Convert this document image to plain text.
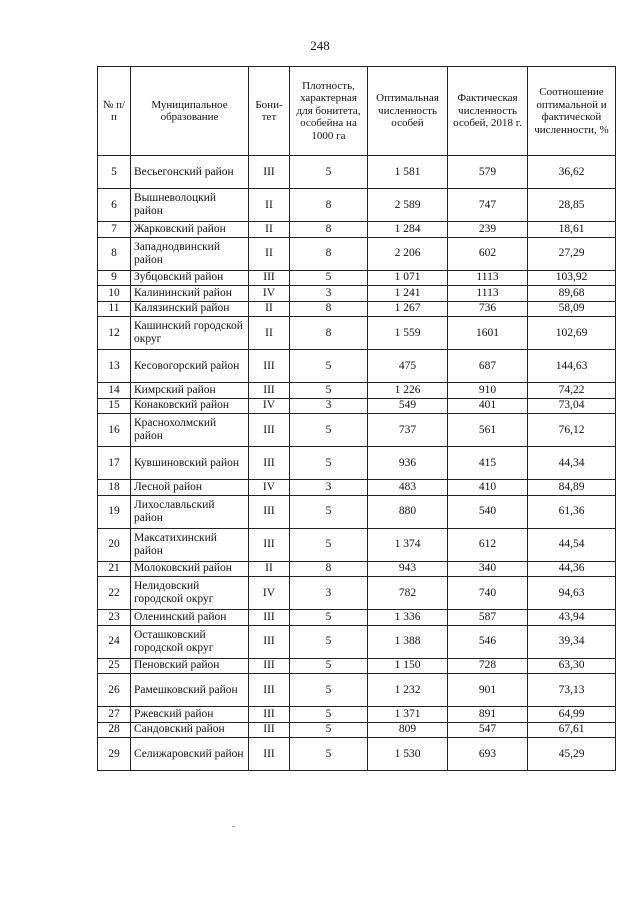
248
№ п/п	Муниципальное образование	Бони-тет	Плотность, характерная для бонитета, особейна на 1000 га	Оптимальная численность особей	Фактическая численность особей, 2018 г.	Соотношение оптимальной и фактической численности, %
5	Весьегонский район	III	5	1 581	579	36,62
6	Вышневолоцкий район	II	8	2 589	747	28,85
7	Жарковский район	II	8	1 284	239	18,61
8	Западнодвинский район	II	8	2 206	602	27,29
9	Зубцовский район	III	5	1 071	1113	103,92
10	Калининский район	IV	3	1 241	1113	89,68
11	Калязинский район	II	8	1 267	736	58,09
12	Кашинский городской округ	II	8	1 559	1601	102,69
13	Кесовогорский район	III	5	475	687	144,63
14	Кимрский район	III	5	1 226	910	74,22
15	Конаковский район	IV	3	549	401	73,04
16	Краснохолмский район	III	5	737	561	76,12
17	Кувшиновский район	III	5	936	415	44,34
18	Лесной район	IV	3	483	410	84,89
19	Лихославльский район	III	5	880	540	61,36
20	Максатихинский район	III	5	1 374	612	44,54
21	Молоковский район	II	8	943	340	44,36
22	Нелидовский городской округ	IV	3	782	740	94,63
23	Оленинский район	III	5	1 336	587	43,94
24	Осташковский городской округ	III	5	1 388	546	39,34
25	Пеновский район	III	5	1 150	728	63,30
26	Рамешковский район	III	5	1 232	901	73,13
27	Ржевский район	III	5	1 371	891	64,99
28	Сандовский район	III	5	809	547	67,61
29	Селижаровский район	III	5	1 530	693	45,29
